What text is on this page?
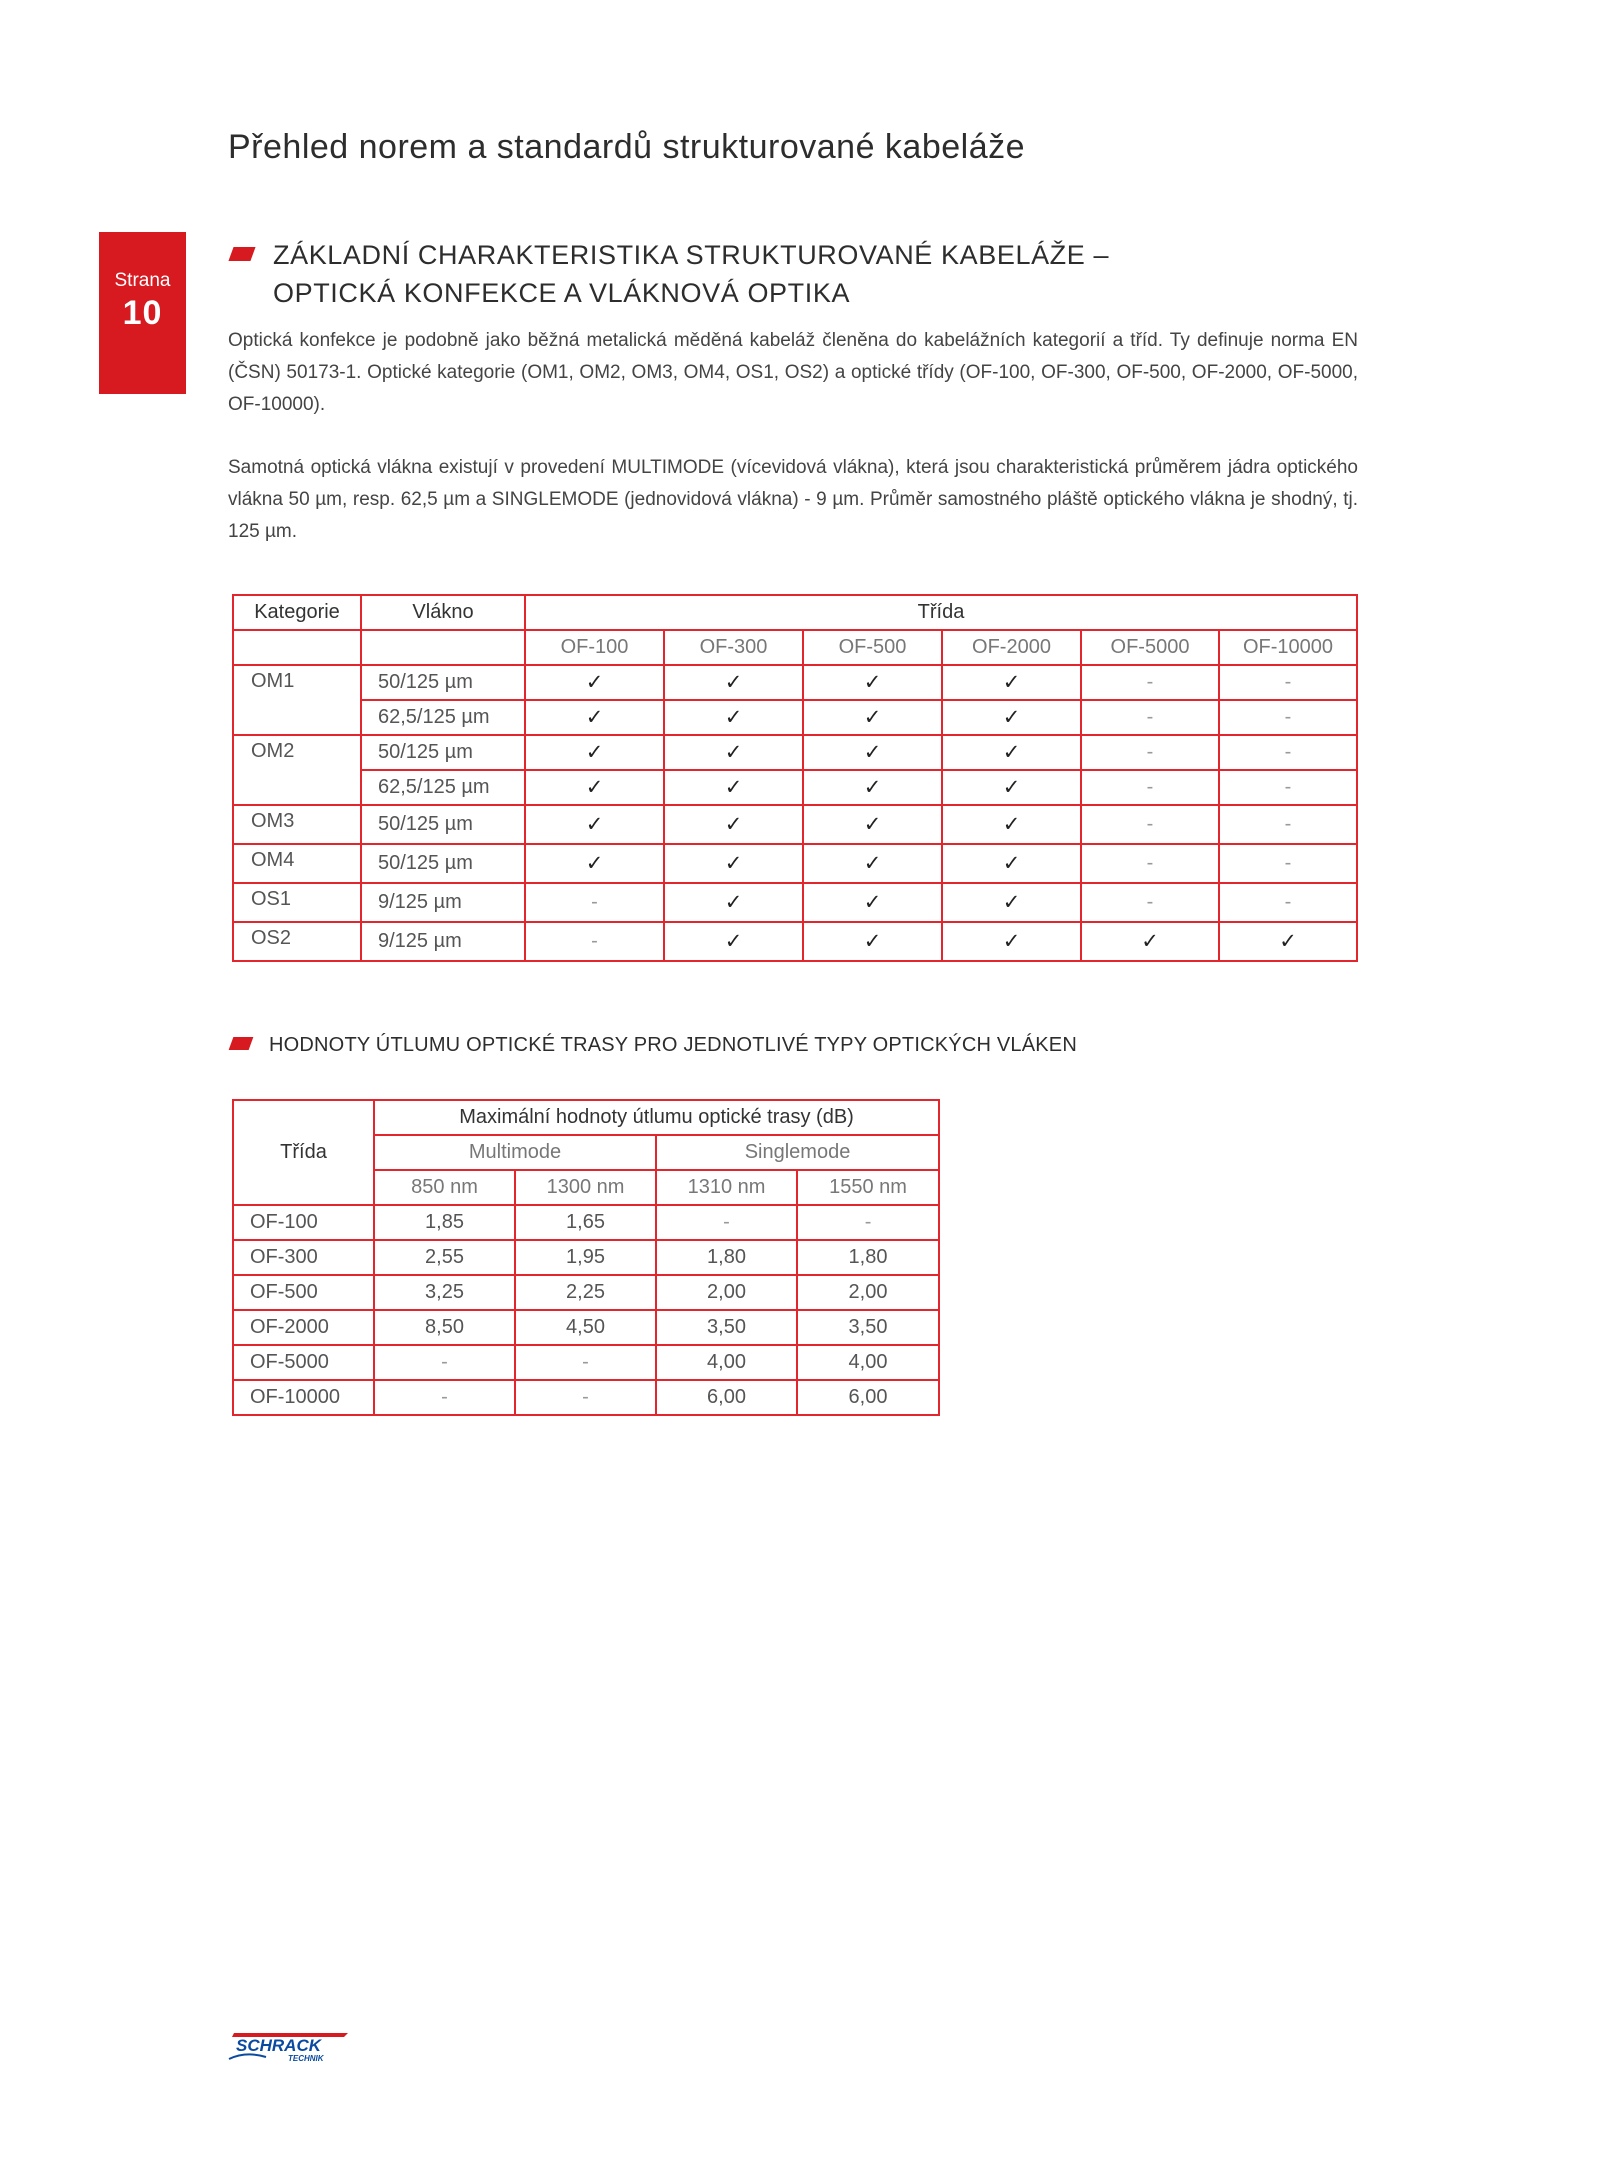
Přehled norem a standardů strukturované kabeláže
Strana
10
ZÁKLADNÍ CHARAKTERISTIKA STRUKTUROVANÉ KABELÁŽE –
OPTICKÁ KONFEKCE A VLÁKNOVÁ OPTIKA

Optická konfekce je podobně jako běžná metalická měděná kabeláž členěna do kabelážních kategorií a tříd. Ty definuje norma EN (ČSN) 50173-1. Optické kategorie (OM1, OM2, OM3, OM4, OS1, OS2) a optické třídy (OF-100, OF-300, OF-500, OF-2000, OF-5000, OF-10000).

Samotná optická vlákna existují v provedení MULTIMODE (vícevidová vlákna), která jsou charakteristická průměrem jádra optického vlákna 50 µm, resp. 62,5 µm a SINGLEMODE (jednovidová vlákna) - 9 µm. Průměr samostného pláště optického vlákna je shodný, tj. 125 µm.

Kategorie	Vlákno	Třída					
		OF-100	OF-300	OF-500	OF-2000	OF-5000	OF-10000
OM1	50/125 µm	✓	✓	✓	✓	-	-
	62,5/125 µm	✓	✓	✓	✓	-	-
OM2	50/125 µm	✓	✓	✓	✓	-	-
	62,5/125 µm	✓	✓	✓	✓	-	-
OM3	50/125 µm	✓	✓	✓	✓	-	-
OM4	50/125 µm	✓	✓	✓	✓	-	-
OS1	9/125 µm	-	✓	✓	✓	-	-
OS2	9/125 µm	-	✓	✓	✓	✓	✓
HODNOTY ÚTLUMU OPTICKÉ TRASY PRO JEDNOTLIVÉ TYPY OPTICKÝCH VLÁKEN
Třída	Maximální hodnoty útlumu optické trasy (dB)			
	Multimode		Singlemode	
	850 nm	1300 nm	1310 nm	1550 nm
OF-100	1,85	1,65	-	-
OF-300	2,55	1,95	1,80	1,80
OF-500	3,25	2,25	2,00	2,00
OF-2000	8,50	4,50	3,50	3,50
OF-5000	-	-	4,00	4,00
OF-10000	-	-	6,00	6,00
SCHRACK
TECHNIK
